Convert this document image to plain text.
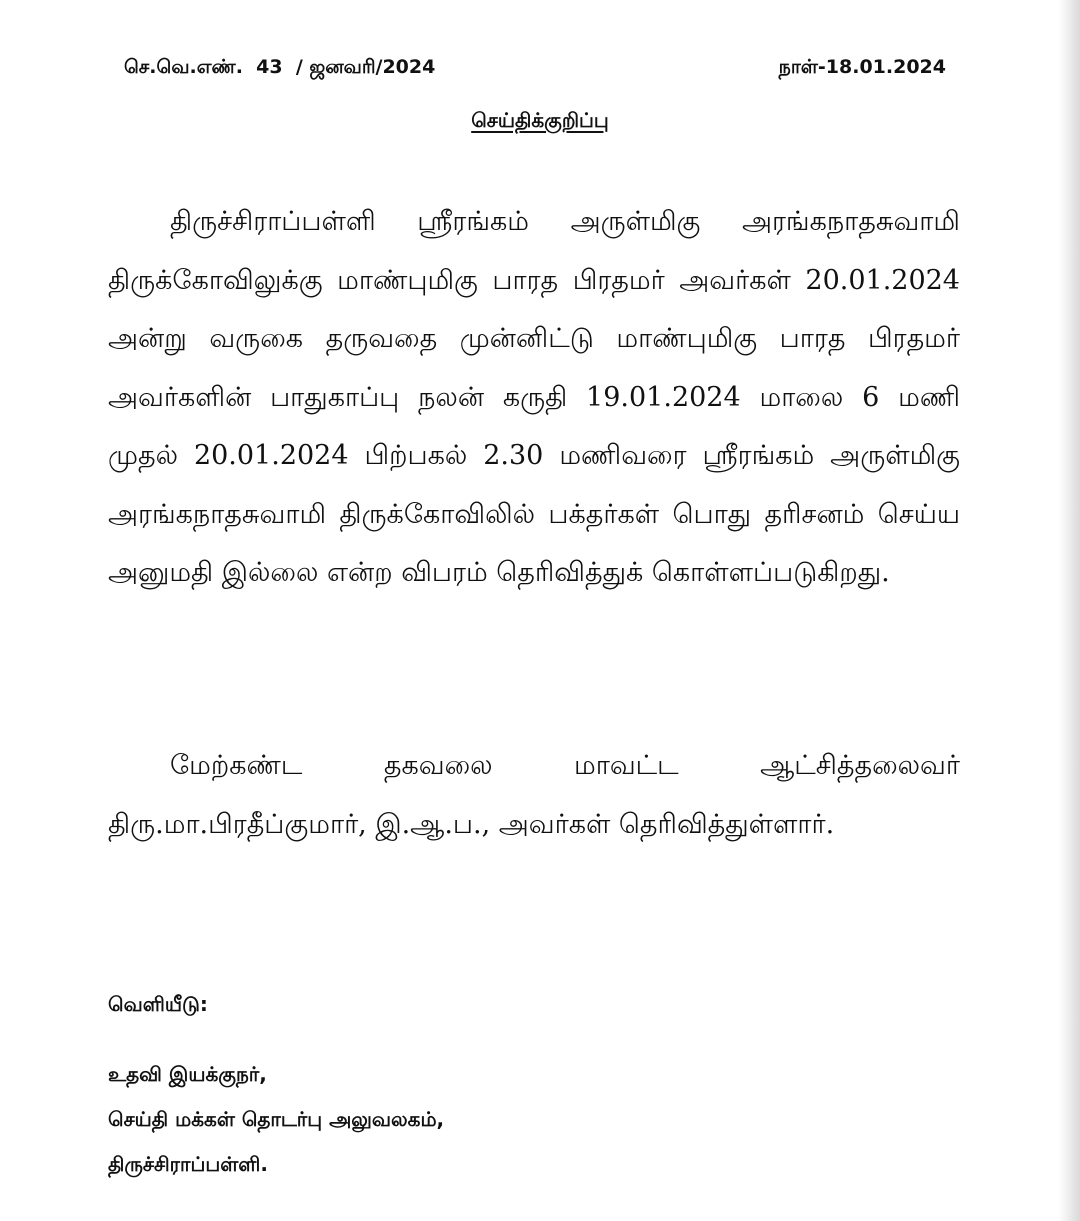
செ.வெ.எண்.  43  / ஜனவரி/2024	நாள்-18.01.2024
செய்திக்குறிப்பு

திருச்சிராப்பள்ளி ஸ்ரீரங்கம் அருள்மிகு அரங்கநாதசுவாமி திருக்கோவிலுக்கு மாண்புமிகு பாரத பிரதமர் அவர்கள் 20.01.2024 அன்று வருகை தருவதை முன்னிட்டு மாண்புமிகு பாரத பிரதமர் அவர்களின் பாதுகாப்பு நலன் கருதி 19.01.2024 மாலை 6 மணி முதல் 20.01.2024 பிற்பகல் 2.30 மணிவரை ஸ்ரீரங்கம் அருள்மிகு அரங்கநாதசுவாமி திருக்கோவிலில் பக்தர்கள் பொது தரிசனம் செய்ய அனுமதி இல்லை என்ற விபரம் தெரிவித்துக் கொள்ளப்படுகிறது.

மேற்கண்ட தகவலை மாவட்ட ஆட்சித்தலைவர் திரு.மா.பிரதீப்குமார், இ.ஆ.ப., அவர்கள் தெரிவித்துள்ளார்.

வெளியீடு:
உதவி இயக்குநர்,
செய்தி மக்கள் தொடர்பு அலுவலகம்,
திருச்சிராப்பள்ளி.
